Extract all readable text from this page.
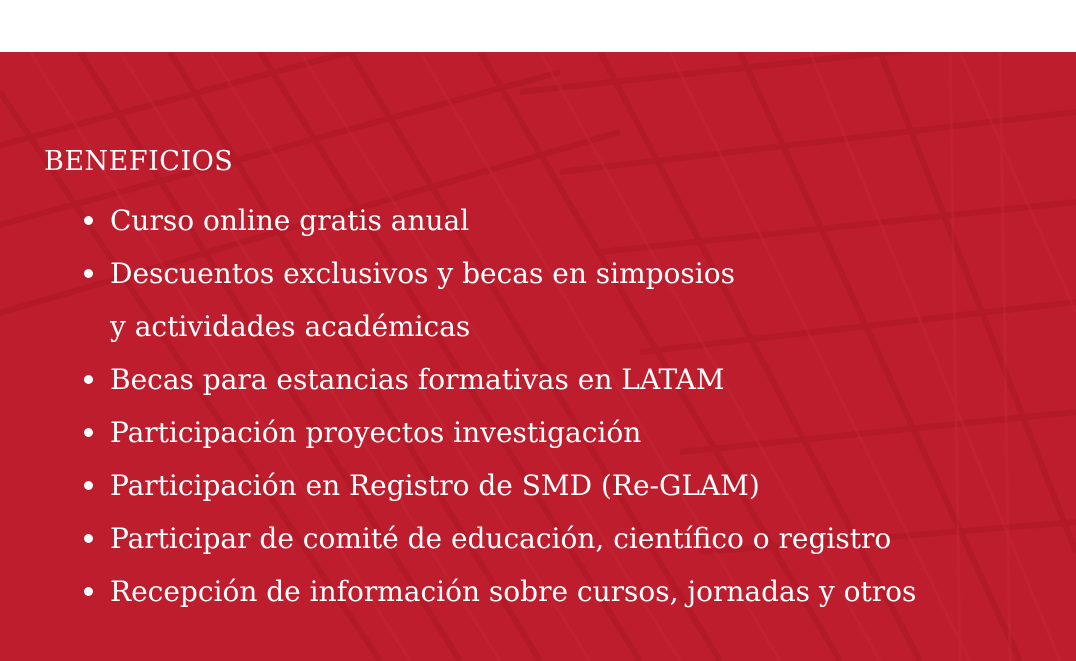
BENEFICIOS
Curso online gratis anual
Descuentos exclusivos y becas en simposios
y actividades académicas
Becas para estancias formativas en LATAM
Participación proyectos investigación
Participación en Registro de SMD (Re-GLAM)
Participar de comité de educación, científico o registro
Recepción de información sobre cursos, jornadas y otros
